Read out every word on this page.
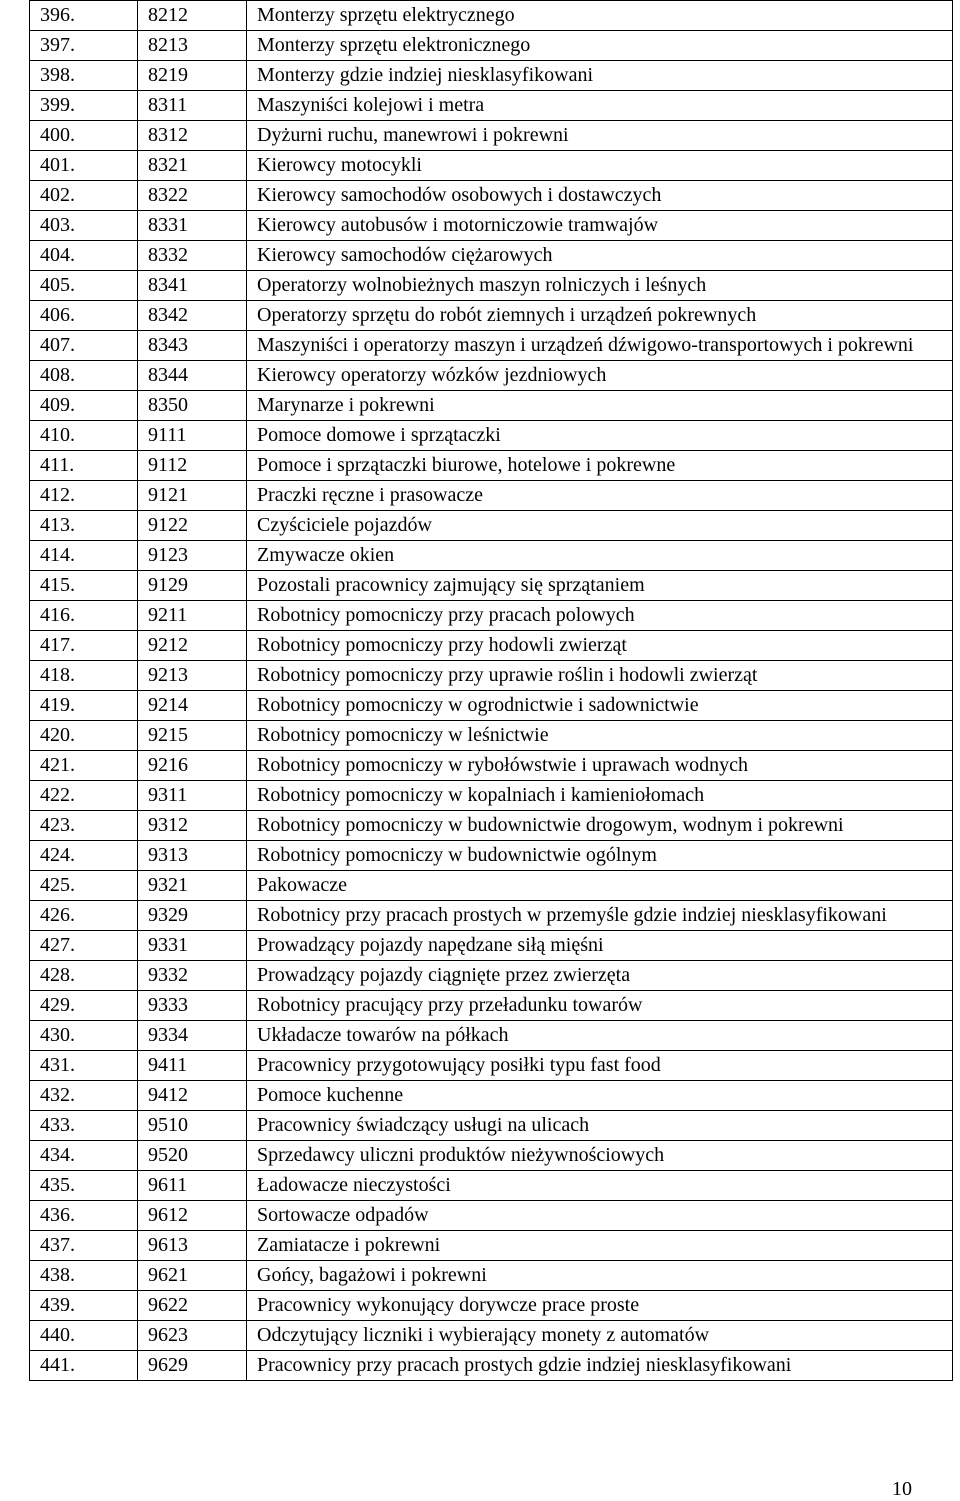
396.	8212	Monterzy sprzętu elektrycznego
397.	8213	Monterzy sprzętu elektronicznego
398.	8219	Monterzy gdzie indziej niesklasyfikowani
399.	8311	Maszyniści kolejowi i metra
400.	8312	Dyżurni ruchu, manewrowi i pokrewni
401.	8321	Kierowcy motocykli
402.	8322	Kierowcy samochodów osobowych i dostawczych
403.	8331	Kierowcy autobusów i motorniczowie tramwajów
404.	8332	Kierowcy samochodów ciężarowych
405.	8341	Operatorzy wolnobieżnych maszyn rolniczych i leśnych
406.	8342	Operatorzy sprzętu do robót ziemnych i urządzeń pokrewnych
407.	8343	Maszyniści i operatorzy maszyn i urządzeń dźwigowo-transportowych i pokrewni
408.	8344	Kierowcy operatorzy wózków jezdniowych
409.	8350	Marynarze i pokrewni
410.	9111	Pomoce domowe i sprzątaczki
411.	9112	Pomoce i sprzątaczki biurowe, hotelowe i pokrewne
412.	9121	Praczki ręczne i prasowacze
413.	9122	Czyściciele pojazdów
414.	9123	Zmywacze okien
415.	9129	Pozostali pracownicy zajmujący się sprzątaniem
416.	9211	Robotnicy pomocniczy przy pracach polowych
417.	9212	Robotnicy pomocniczy przy hodowli zwierząt
418.	9213	Robotnicy pomocniczy przy uprawie roślin i hodowli zwierząt
419.	9214	Robotnicy pomocniczy w ogrodnictwie i sadownictwie
420.	9215	Robotnicy pomocniczy w leśnictwie
421.	9216	Robotnicy pomocniczy w rybołówstwie i uprawach wodnych
422.	9311	Robotnicy pomocniczy w kopalniach i kamieniołomach
423.	9312	Robotnicy pomocniczy w budownictwie drogowym, wodnym i pokrewni
424.	9313	Robotnicy pomocniczy w budownictwie ogólnym
425.	9321	Pakowacze
426.	9329	Robotnicy przy pracach prostych w przemyśle gdzie indziej niesklasyfikowani
427.	9331	Prowadzący pojazdy napędzane siłą mięśni
428.	9332	Prowadzący pojazdy ciągnięte przez zwierzęta
429.	9333	Robotnicy pracujący przy przeładunku towarów
430.	9334	Układacze towarów na półkach
431.	9411	Pracownicy przygotowujący posiłki typu fast food
432.	9412	Pomoce kuchenne
433.	9510	Pracownicy świadczący usługi na ulicach
434.	9520	Sprzedawcy uliczni produktów nieżywnościowych
435.	9611	Ładowacze nieczystości
436.	9612	Sortowacze odpadów
437.	9613	Zamiatacze i pokrewni
438.	9621	Gońcy, bagażowi i pokrewni
439.	9622	Pracownicy wykonujący dorywcze prace proste
440.	9623	Odczytujący liczniki i wybierający monety z automatów
441.	9629	Pracownicy przy pracach prostych gdzie indziej niesklasyfikowani
10
